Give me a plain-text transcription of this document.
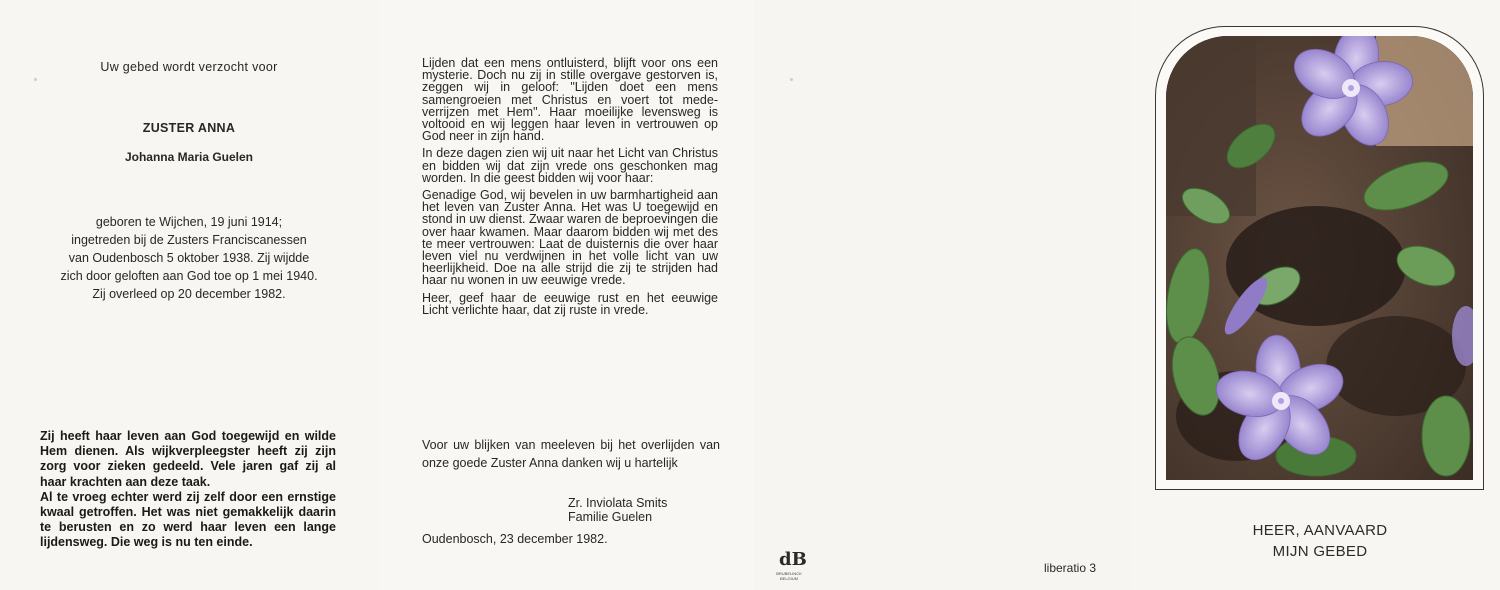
Uw gebed wordt verzocht voor
ZUSTER ANNA
Johanna Maria Guelen
geboren te Wijchen, 19 juni 1914;
ingetreden bij de Zusters Franciscanessen
van Oudenbosch 5 oktober 1938. Zij wijdde
zich door geloften aan God toe op 1 mei 1940.
Zij overleed op 20 december 1982.

Zij heeft haar leven aan God toegewijd en wilde Hem dienen. Als wijkverpleegster heeft zij zijn zorg voor zieken gedeeld. Vele jaren gaf zij al haar krachten aan deze taak.

Al te vroeg echter werd zij zelf door een ernstige kwaal getroffen. Het was niet gemakkelijk daarin te berusten en zo werd haar leven een lange lijdensweg. Die weg is nu ten einde.

Lijden dat een mens ontluisterd, blijft voor ons een mysterie. Doch nu zij in stille overgave gestorven is, zeggen wij in geloof: "Lijden doet een mens samengroeien met Christus en voert tot mede-verrijzen met Hem". Haar moeilijke levensweg is voltooid en wij leggen haar leven in vertrouwen op God neer in zijn hand.

In deze dagen zien wij uit naar het Licht van Christus en bidden wij dat zijn vrede ons geschonken mag worden. In die geest bidden wij voor haar:

Genadige God, wij bevelen in uw barmhartigheid aan het leven van Zuster Anna. Het was U toegewijd en stond in uw dienst. Zwaar waren de beproevingen die over haar kwamen. Maar daarom bidden wij met des te meer vertrouwen: Laat de duisternis die over haar leven viel nu verdwijnen in het volle licht van uw heerlijkheid. Doe na alle strijd die zij te strijden had haar nu wonen in uw eeuwige vrede.

Heer, geef haar de eeuwige rust en het eeuwige Licht verlichte haar, dat zij ruste in vrede.

Voor uw blijken van meeleven bij het overlijden van onze goede Zuster Anna danken wij u hartelijk
Zr. Inviolata Smits
Familie Guelen
Oudenbosch, 23 december 1982.
dB
BRUBELINCK
BELGIUM
HEER, AANVAARD
MIJN GEBED
liberatio 3
